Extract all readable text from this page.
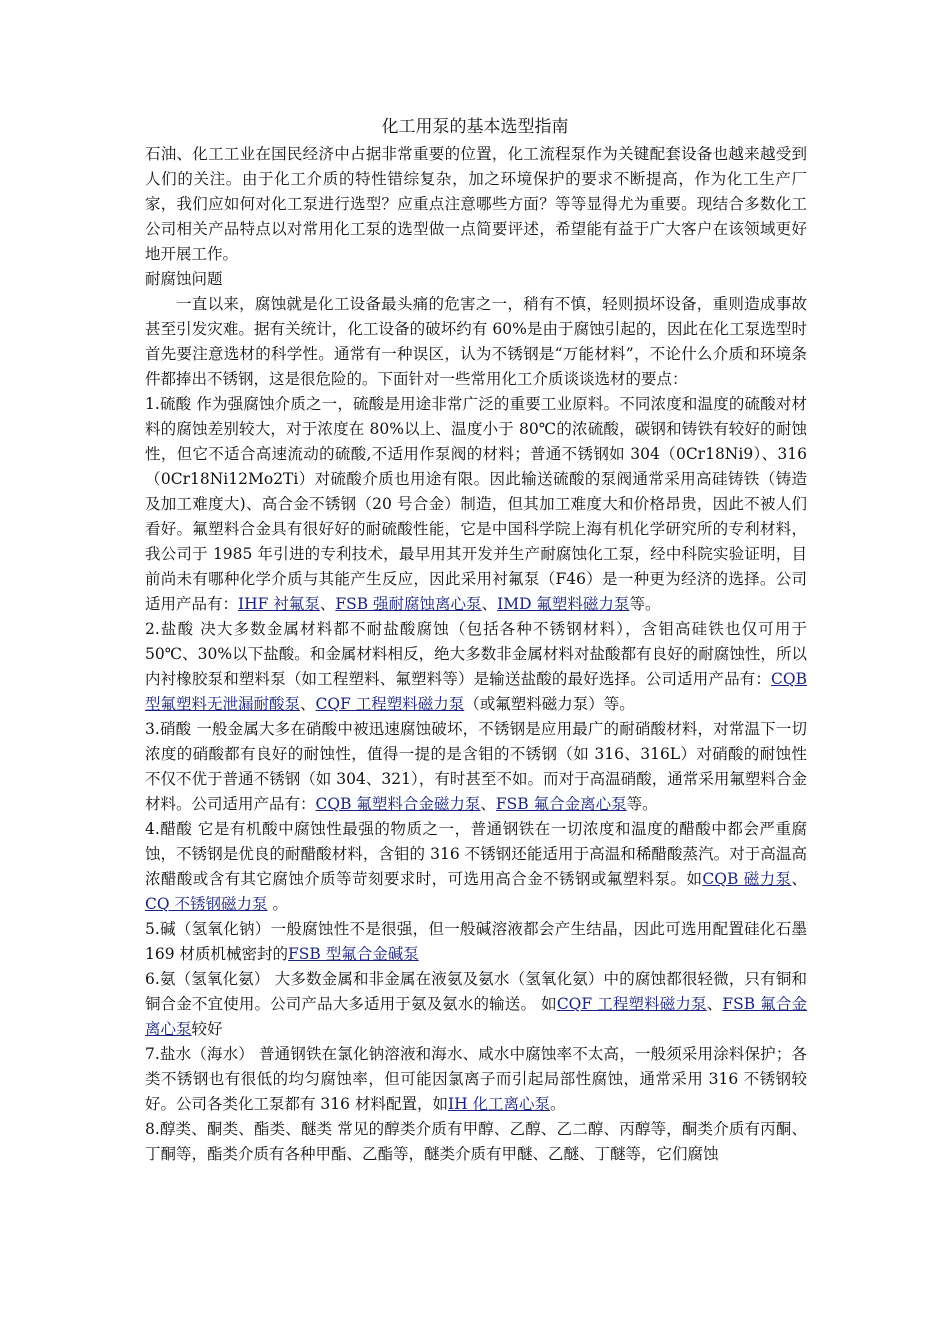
化工用泵的基本选型指南

石油、化工工业在国民经济中占据非常重要的位置，化工流程泵作为关键配套设备也越来越受到人们的关注。由于化工介质的特性错综复杂，加之环境保护的要求不断提高，作为化工生产厂家，我们应如何对化工泵进行选型？应重点注意哪些方面？等等显得尤为重要。现结合多数化工公司相关产品特点以对常用化工泵的选型做一点简要评述，希望能有益于广大客户在该领域更好地开展工作。

耐腐蚀问题

一直以来，腐蚀就是化工设备最头痛的危害之一，稍有不慎，轻则损坏设备，重则造成事故甚至引发灾难。据有关统计，化工设备的破坏约有 60%是由于腐蚀引起的，因此在化工泵选型时首先要注意选材的科学性。通常有一种误区，认为不锈钢是“万能材料”，不论什么介质和环境条件都捧出不锈钢，这是很危险的。下面针对一些常用化工介质谈谈选材的要点：

1.硫酸 作为强腐蚀介质之一，硫酸是用途非常广泛的重要工业原料。不同浓度和温度的硫酸对材料的腐蚀差别较大，对于浓度在 80%以上、温度小于 80℃的浓硫酸，碳钢和铸铁有较好的耐蚀性，但它不适合高速流动的硫酸,不适用作泵阀的材料；普通不锈钢如 304（0Cr18Ni9）、316（0Cr18Ni12Mo2Ti）对硫酸介质也用途有限。因此输送硫酸的泵阀通常采用高硅铸铁（铸造及加工难度大)、高合金不锈钢（20 号合金）制造，但其加工难度大和价格昂贵，因此不被人们看好。氟塑料合金具有很好好的耐硫酸性能，它是中国科学院上海有机化学研究所的专利材料，我公司于 1985 年引进的专利技术，最早用其开发并生产耐腐蚀化工泵，经中科院实验证明，目前尚未有哪种化学介质与其能产生反应，因此采用衬氟泵（F46）是一种更为经济的选择。公司适用产品有：IHF 衬氟泵、FSB 强耐腐蚀离心泵、IMD 氟塑料磁力泵等。

2.盐酸 决大多数金属材料都不耐盐酸腐蚀（包括各种不锈钢材料），含钼高硅铁也仅可用于 50℃、30%以下盐酸。和金属材料相反，绝大多数非金属材料对盐酸都有良好的耐腐蚀性，所以内衬橡胶泵和塑料泵（如工程塑料、氟塑料等）是输送盐酸的最好选择。公司适用产品有：CQB 型氟塑料无泄漏耐酸泵、CQF 工程塑料磁力泵（或氟塑料磁力泵）等。

3.硝酸 一般金属大多在硝酸中被迅速腐蚀破坏，不锈钢是应用最广的耐硝酸材料，对常温下一切浓度的硝酸都有良好的耐蚀性，值得一提的是含钼的不锈钢（如 316、316L）对硝酸的耐蚀性不仅不优于普通不锈钢（如 304、321），有时甚至不如。而对于高温硝酸，通常采用氟塑料合金材料。公司适用产品有：CQB 氟塑料合金磁力泵、FSB 氟合金离心泵等。

4.醋酸 它是有机酸中腐蚀性最强的物质之一，普通钢铁在一切浓度和温度的醋酸中都会严重腐蚀，不锈钢是优良的耐醋酸材料，含钼的 316 不锈钢还能适用于高温和稀醋酸蒸汽。对于高温高浓醋酸或含有其它腐蚀介质等苛刻要求时，可选用高合金不锈钢或氟塑料泵。如CQB 磁力泵、CQ 不锈钢磁力泵 。

5.碱（氢氧化钠）一般腐蚀性不是很强，但一般碱溶液都会产生结晶，因此可选用配置硅化石墨 169 材质机械密封的FSB 型氟合金碱泵

6.氨（氢氧化氨） 大多数金属和非金属在液氨及氨水（氢氧化氨）中的腐蚀都很轻微，只有铜和铜合金不宜使用。公司产品大多适用于氨及氨水的输送。 如CQF 工程塑料磁力泵、FSB 氟合金离心泵较好

7.盐水（海水） 普通钢铁在氯化钠溶液和海水、咸水中腐蚀率不太高，一般须采用涂料保护；各类不锈钢也有很低的均匀腐蚀率，但可能因氯离子而引起局部性腐蚀，通常采用 316 不锈钢较好。公司各类化工泵都有 316 材料配置，如IH 化工离心泵。

8.醇类、酮类、酯类、醚类 常见的醇类介质有甲醇、乙醇、乙二醇、丙醇等，酮类介质有丙酮、丁酮等，酯类介质有各种甲酯、乙酯等，醚类介质有甲醚、乙醚、丁醚等，它们腐蚀
